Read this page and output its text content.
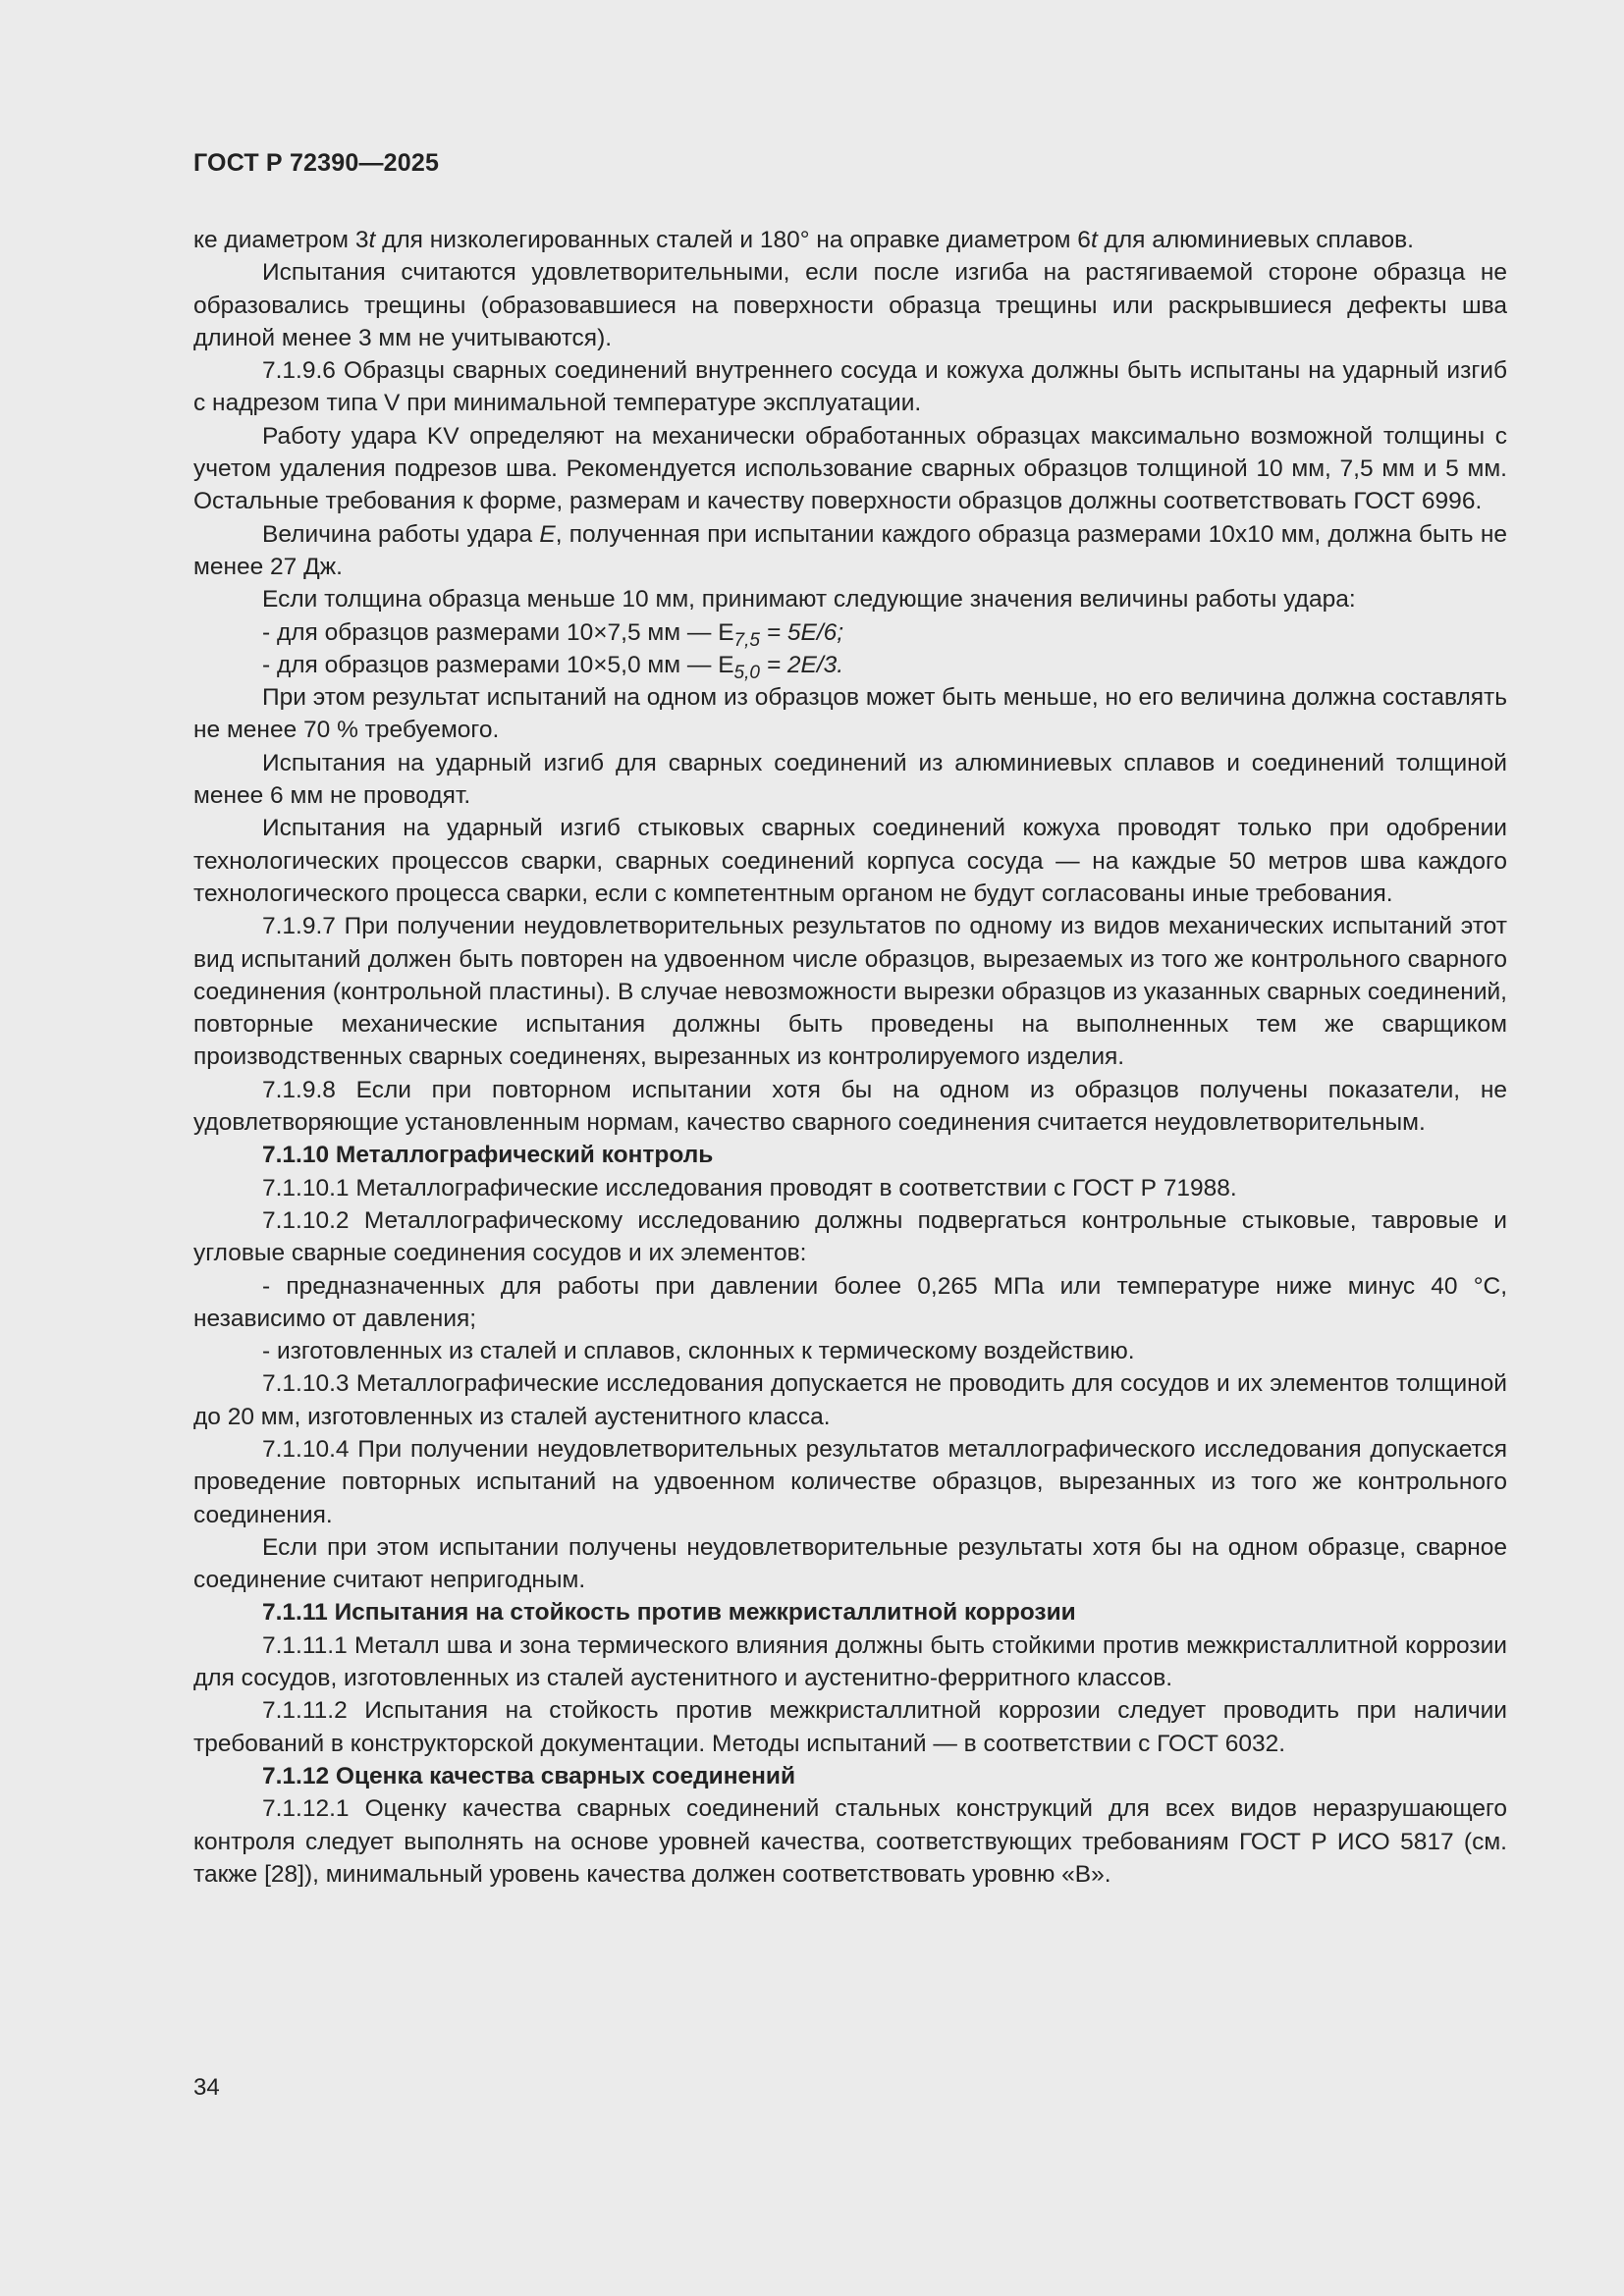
ГОСТ Р 72390—2025

ке диаметром 3t для низколегированных сталей и 180° на оправке диаметром 6t для алюминиевых сплавов.

Испытания считаются удовлетворительными, если после изгиба на растягиваемой стороне образца не образовались трещины (образовавшиеся на поверхности образца трещины или раскрывшиеся дефекты шва длиной менее 3 мм не учитываются).

7.1.9.6 Образцы сварных соединений внутреннего сосуда и кожуха должны быть испытаны на ударный изгиб с надрезом типа V при минимальной температуре эксплуатации.

Работу удара KV определяют на механически обработанных образцах максимально возможной толщины с учетом удаления подрезов шва. Рекомендуется использование сварных образцов толщиной 10 мм, 7,5 мм и 5 мм. Остальные требования к форме, размерам и качеству поверхности образцов должны соответствовать ГОСТ 6996.

Величина работы удара E, полученная при испытании каждого образца размерами 10х10 мм, должна быть не менее 27 Дж.

Если толщина образца меньше 10 мм, принимают следующие значения величины работы удара:

- для образцов размерами 10×7,5 мм — $E_{7,5} = 5E/6$;

- для образцов размерами 10×5,0 мм — $E_{5,0} = 2E/3$.

При этом результат испытаний на одном из образцов может быть меньше, но его величина должна составлять не менее 70 % требуемого.

Испытания на ударный изгиб для сварных соединений из алюминиевых сплавов и соединений толщиной менее 6 мм не проводят.

Испытания на ударный изгиб стыковых сварных соединений кожуха проводят только при одобрении технологических процессов сварки, сварных соединений корпуса сосуда — на каждые 50 метров шва каждого технологического процесса сварки, если с компетентным органом не будут согласованы иные требования.

7.1.9.7 При получении неудовлетворительных результатов по одному из видов механических испытаний этот вид испытаний должен быть повторен на удвоенном числе образцов, вырезаемых из того же контрольного сварного соединения (контрольной пластины). В случае невозможности вырезки образцов из указанных сварных соединений, повторные механические испытания должны быть проведены на выполненных тем же сварщиком производственных сварных соединенях, вырезанных из контролируемого изделия.

7.1.9.8 Если при повторном испытании хотя бы на одном из образцов получены показатели, не удовлетворяющие установленным нормам, качество сварного соединения считается неудовлетворительным.

7.1.10 Металлографический контроль

7.1.10.1 Металлографические исследования проводят в соответствии с ГОСТ Р 71988.

7.1.10.2 Металлографическому исследованию должны подвергаться контрольные стыковые, тавровые и угловые сварные соединения сосудов и их элементов:

- предназначенных для работы при давлении более 0,265 МПа или температуре ниже минус 40 °С, независимо от давления;

- изготовленных из сталей и сплавов, склонных к термическому воздействию.

7.1.10.3 Металлографические исследования допускается не проводить для сосудов и их элементов толщиной до 20 мм, изготовленных из сталей аустенитного класса.

7.1.10.4 При получении неудовлетворительных результатов металлографического исследования допускается проведение повторных испытаний на удвоенном количестве образцов, вырезанных из того же контрольного соединения.

Если при этом испытании получены неудовлетворительные результаты хотя бы на одном образце, сварное соединение считают непригодным.

7.1.11 Испытания на стойкость против межкристаллитной коррозии

7.1.11.1 Металл шва и зона термического влияния должны быть стойкими против межкристаллитной коррозии для сосудов, изготовленных из сталей аустенитного и аустенитно-ферритного классов.

7.1.11.2 Испытания на стойкость против межкристаллитной коррозии следует проводить при наличии требований в конструкторской документации. Методы испытаний — в соответствии с ГОСТ 6032.

7.1.12 Оценка качества сварных соединений

7.1.12.1 Оценку качества сварных соединений стальных конструкций для всех видов неразрушающего контроля следует выполнять на основе уровней качества, соответствующих требованиям ГОСТ Р ИСО 5817 (см. также [28]), минимальный уровень качества должен соответствовать уровню «В».

34
